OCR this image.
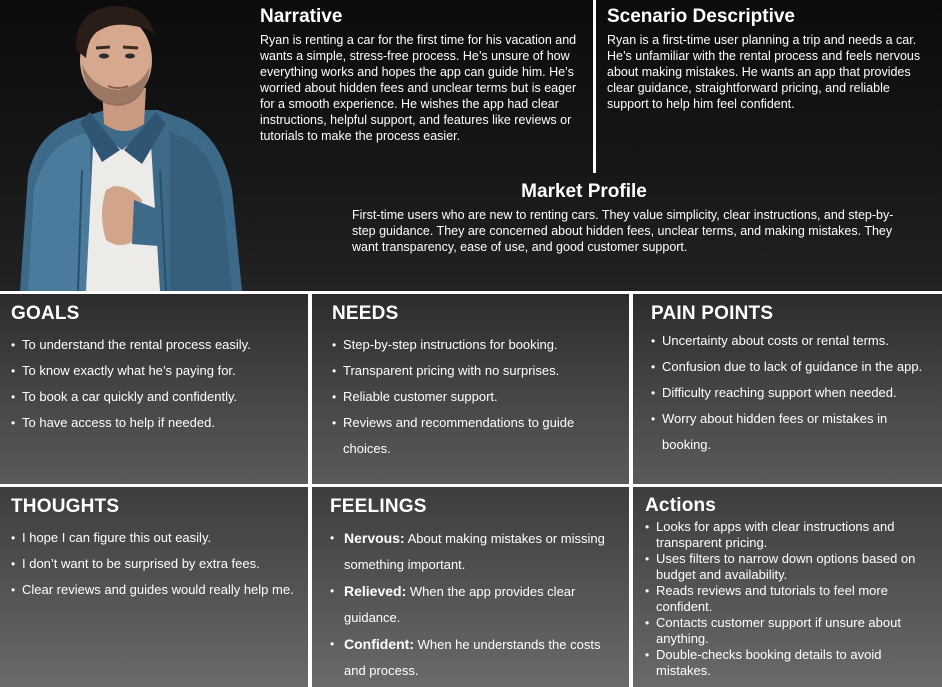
Narrative

Ryan is renting a car for the first time for his vacation and wants a simple, stress-free process. He’s unsure of how everything works and hopes the app can guide him. He’s worried about hidden fees and unclear terms but is eager for a smooth experience. He wishes the app had clear instructions, helpful support, and features like reviews or tutorials to make the process easier.

Scenario Descriptive

Ryan is a first-time user planning a trip and needs a car. He’s unfamiliar with the rental process and feels nervous about making mistakes. He wants an app that provides clear guidance, straightforward pricing, and reliable support to help him feel confident.

Market Profile

First-time users who are new to renting cars. They value simplicity, clear instructions, and step-by-step guidance. They are concerned about hidden fees, unclear terms, and making mistakes. They want transparency, ease of use, and good customer support.

GOALS
• To understand the rental process easily.
• To know exactly what he’s paying for.
• To book a car quickly and confidently.
• To have access to help if needed.
NEEDS
• Step-by-step instructions for booking.
• Transparent pricing with no surprises.
• Reliable customer support.
• Reviews and recommendations to guide choices.
PAIN POINTS
• Uncertainty about costs or rental terms.
• Confusion due to lack of guidance in the app.
• Difficulty reaching support when needed.
• Worry about hidden fees or mistakes in booking.
THOUGHTS
• I hope I can figure this out easily.
• I don’t want to be surprised by extra fees.
• Clear reviews and guides would really help me.
FEELINGS
• Nervous: About making mistakes or missing something important.
• Relieved: When the app provides clear guidance.
• Confident: When he understands the costs and process.
Actions
• Looks for apps with clear instructions and transparent pricing.
• Uses filters to narrow down options based on budget and availability.
• Reads reviews and tutorials to feel more confident.
• Contacts customer support if unsure about anything.
• Double-checks booking details to avoid mistakes.
